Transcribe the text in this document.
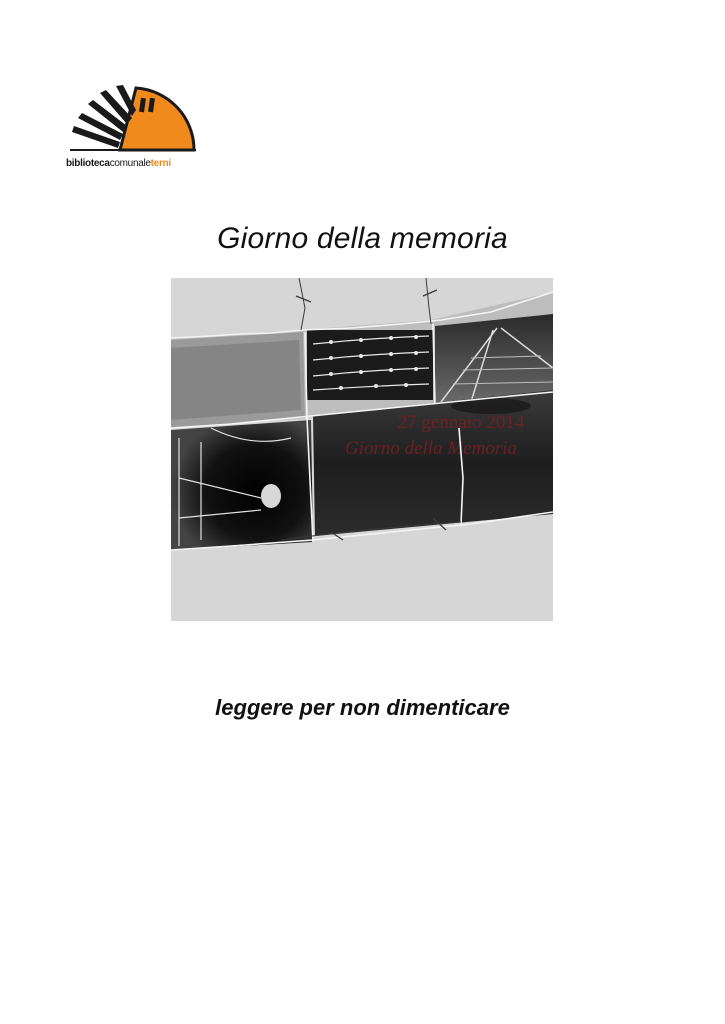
bibliotecacomunaleterni
Giorno della memoria
27 gennaio 2014
Giorno della Memoria
leggere per non dimenticare
